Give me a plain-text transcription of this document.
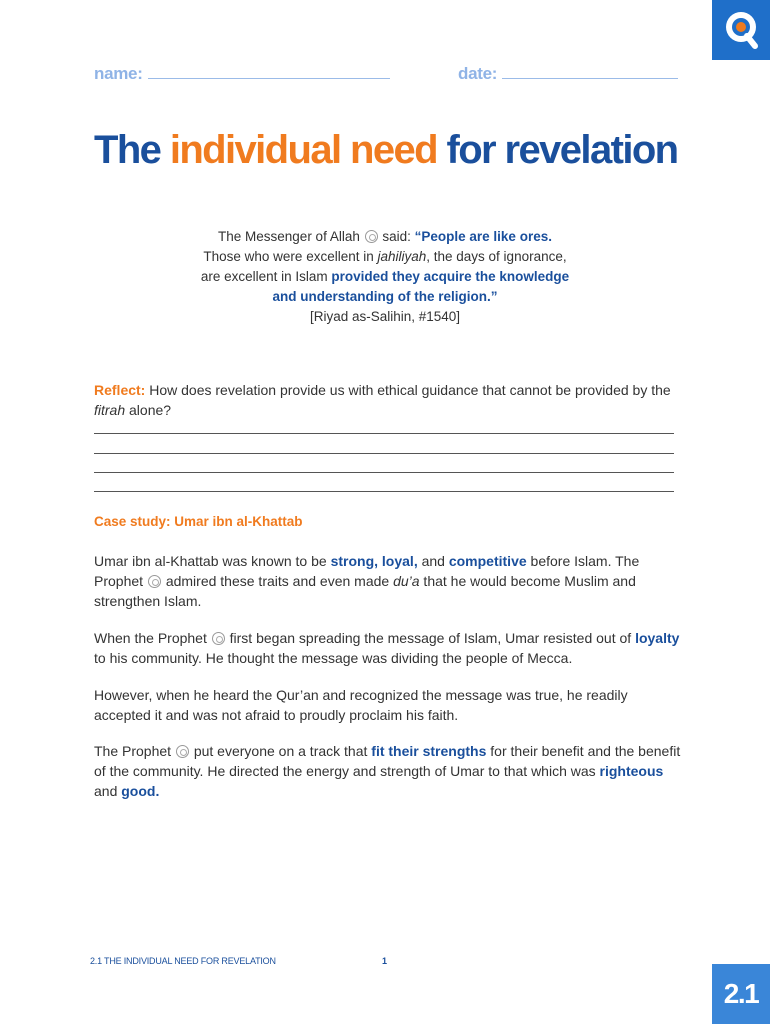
name:	date:
The individual need for revelation
The Messenger of Allah  said: “People are like ores.
Those who were excellent in jahiliyah, the days of ignorance,
are excellent in Islam provided they acquire the knowledge
and understanding of the religion.”
[Riyad as-Salihin, #1540]
Reflect: How does revelation provide us with ethical guidance that cannot be provided by the fitrah alone?
Case study: Umar ibn al-Khattab
Umar ibn al-Khattab was known to be strong, loyal, and competitive before Islam. The Prophet  admired these traits and even made du’a that he would become Muslim and strengthen Islam.
When the Prophet  first began spreading the message of Islam, Umar resisted out of loyalty to his community. He thought the message was dividing the people of Mecca.
However, when he heard the Qur’an and recognized the message was true, he readily accepted it and was not afraid to proudly proclaim his faith.
The Prophet  put everyone on a track that fit their strengths for their benefit and the benefit of the community. He directed the energy and strength of Umar to that which was righteous and good.
2.1 THE INDIVIDUAL NEED FOR REVELATION	1
2.1
